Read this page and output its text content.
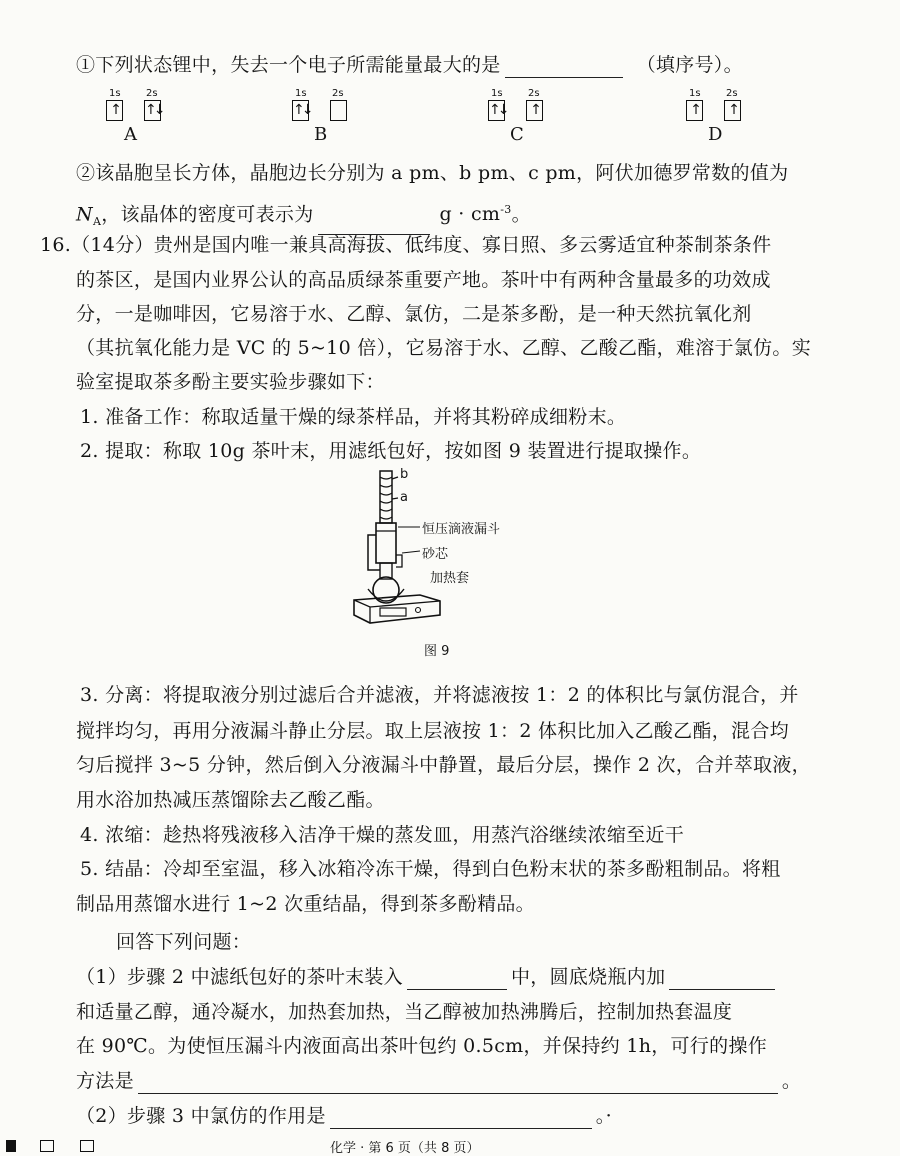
①下列状态锂中，失去一个电子所需能量最大的是	（填序号）。
1s	2s
↑ ↑↓
A
1s	2s
↑↓
B
1s	2s
↑↓ ↑
C
1s	2s
↑ ↑
D
②该晶胞呈长方体，晶胞边长分别为 a pm、b pm、c pm，阿伏加德罗常数的值为
$N_A$，该晶体的密度可表示为	$g \cdot cm^{-3}$。
16.（14分）贵州是国内唯一兼具高海拔、低纬度、寡日照、多云雾适宜种茶制茶条件
的茶区，是国内业界公认的高品质绿茶重要产地。茶叶中有两种含量最多的功效成
分，一是咖啡因，它易溶于水、乙醇、氯仿，二是茶多酚，是一种天然抗氧化剂
（其抗氧化能力是 VC 的 5~10 倍），它易溶于水、乙醇、乙酸乙酯，难溶于氯仿。实
验室提取茶多酚主要实验步骤如下：
1. 准备工作：称取适量干燥的绿茶样品，并将其粉碎成细粉末。
2. 提取：称取 10g 茶叶末，用滤纸包好，按如图 9 装置进行提取操作。
b
a
恒压滴液漏斗
砂芯
加热套
图 9
3. 分离：将提取液分别过滤后合并滤液，并将滤液按 1：2 的体积比与氯仿混合，并
搅拌均匀，再用分液漏斗静止分层。取上层液按 1：2 体积比加入乙酸乙酯，混合均
匀后搅拌 3~5 分钟，然后倒入分液漏斗中静置，最后分层，操作 2 次，合并萃取液，
用水浴加热减压蒸馏除去乙酸乙酯。
4. 浓缩：趁热将残液移入洁净干燥的蒸发皿，用蒸汽浴继续浓缩至近干
5. 结晶：冷却至室温，移入冰箱冷冻干燥，得到白色粉末状的茶多酚粗制品。将粗
制品用蒸馏水进行 1~2 次重结晶，得到茶多酚精品。
回答下列问题：
（1）步骤 2 中滤纸包好的茶叶末装入	中，圆底烧瓶内加
和适量乙醇，通冷凝水，加热套加热，当乙醇被加热沸腾后，控制加热套温度
在 90℃。为使恒压漏斗内液面高出茶叶包约 0.5cm，并保持约 1h，可行的操作
方法是	。
（2）步骤 3 中氯仿的作用是	。·
化学 · 第 6 页（共 8 页）
